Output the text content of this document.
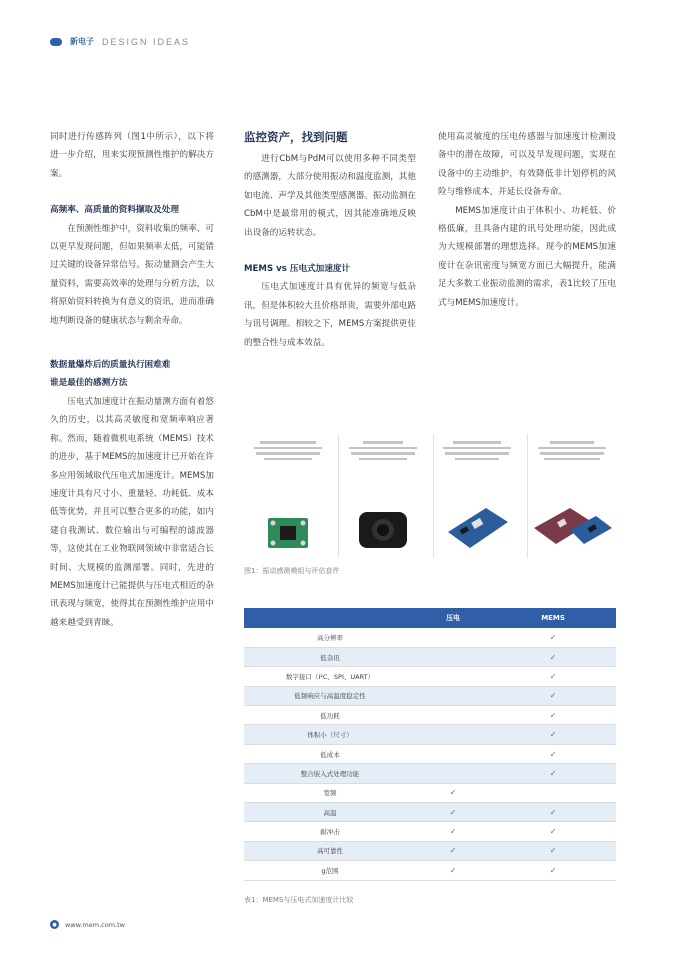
新电子 DESIGN IDEAS

同时进行传感阵列（图1中所示），以下将进一步介绍，用来实现预测性维护的解决方案。

高频率、高质量的资料撷取及处理

在预测性维护中，资料收集的频率、可以更早发现问题，但如果频率太低，可能错过关键的设备异常信号。振动量测会产生大量资料，需要高效率的处理与分析方法，以将原始资料转换为有意义的资讯，进而准确地判断设备的健康状态与剩余寿命。

数据量爆炸后的质量执行困难难
谁是最佳的感测方法

压电式加速度计在振动量测方面有着悠久的历史，以其高灵敏度和宽频率响应著称。然而，随着微机电系统（MEMS）技术的进步，基于MEMS的加速度计已开始在许多应用领域取代压电式加速度计。MEMS加速度计具有尺寸小、重量轻、功耗低、成本低等优势，并且可以整合更多的功能，如内建自我测试、数位输出与可编程的滤波器等，这使其在工业物联网领域中非常适合长时间、大规模的监测部署。同时，先进的MEMS加速度计已能提供与压电式相近的杂讯表现与频宽，使得其在预测性维护应用中越来越受到青睐。

监控资产，找到问题

进行CbM与PdM可以使用多种不同类型的感测器，大部分使用振动和温度监测，其他如电流、声学及其他类型感测器。振动监测在CbM中是最常用的模式，因其能准确地反映出设备的运转状态。

MEMS vs 压电式加速度计

压电式加速度计具有优异的频宽与低杂讯，但是体积较大且价格昂贵，需要外部电路与讯号调理。相较之下，MEMS方案提供更佳的整合性与成本效益。

使用高灵敏度的压电传感器与加速度计检测设备中的潜在故障，可以及早发现问题，实现在设备中的主动维护，有效降低非计划停机的风险与维修成本，并延长设备寿命。

MEMS加速度计由于体积小、功耗低、价格低廉，且具备内建的讯号处理功能，因此成为大规模部署的理想选择。现今的MEMS加速度计在杂讯密度与频宽方面已大幅提升，能满足大多数工业振动监测的需求，表1比较了压电式与MEMS加速度计。

图1：振动感测模组与评估套件
	压电	MEMS
高分辨率		✓
低杂讯		✓
数字接口（I²C、SPI、UART）		✓
低频响应与高温度稳定性		✓
低功耗		✓
体积小（尺寸）		✓
低成本		✓
整合嵌入式处理功能		✓
宽频	✓	
高温	✓	✓
耐冲击	✓	✓
高可靠性	✓	✓
g范围	✓	✓
表1：MEMS与压电式加速度计比较
●	www.mem.com.tw
